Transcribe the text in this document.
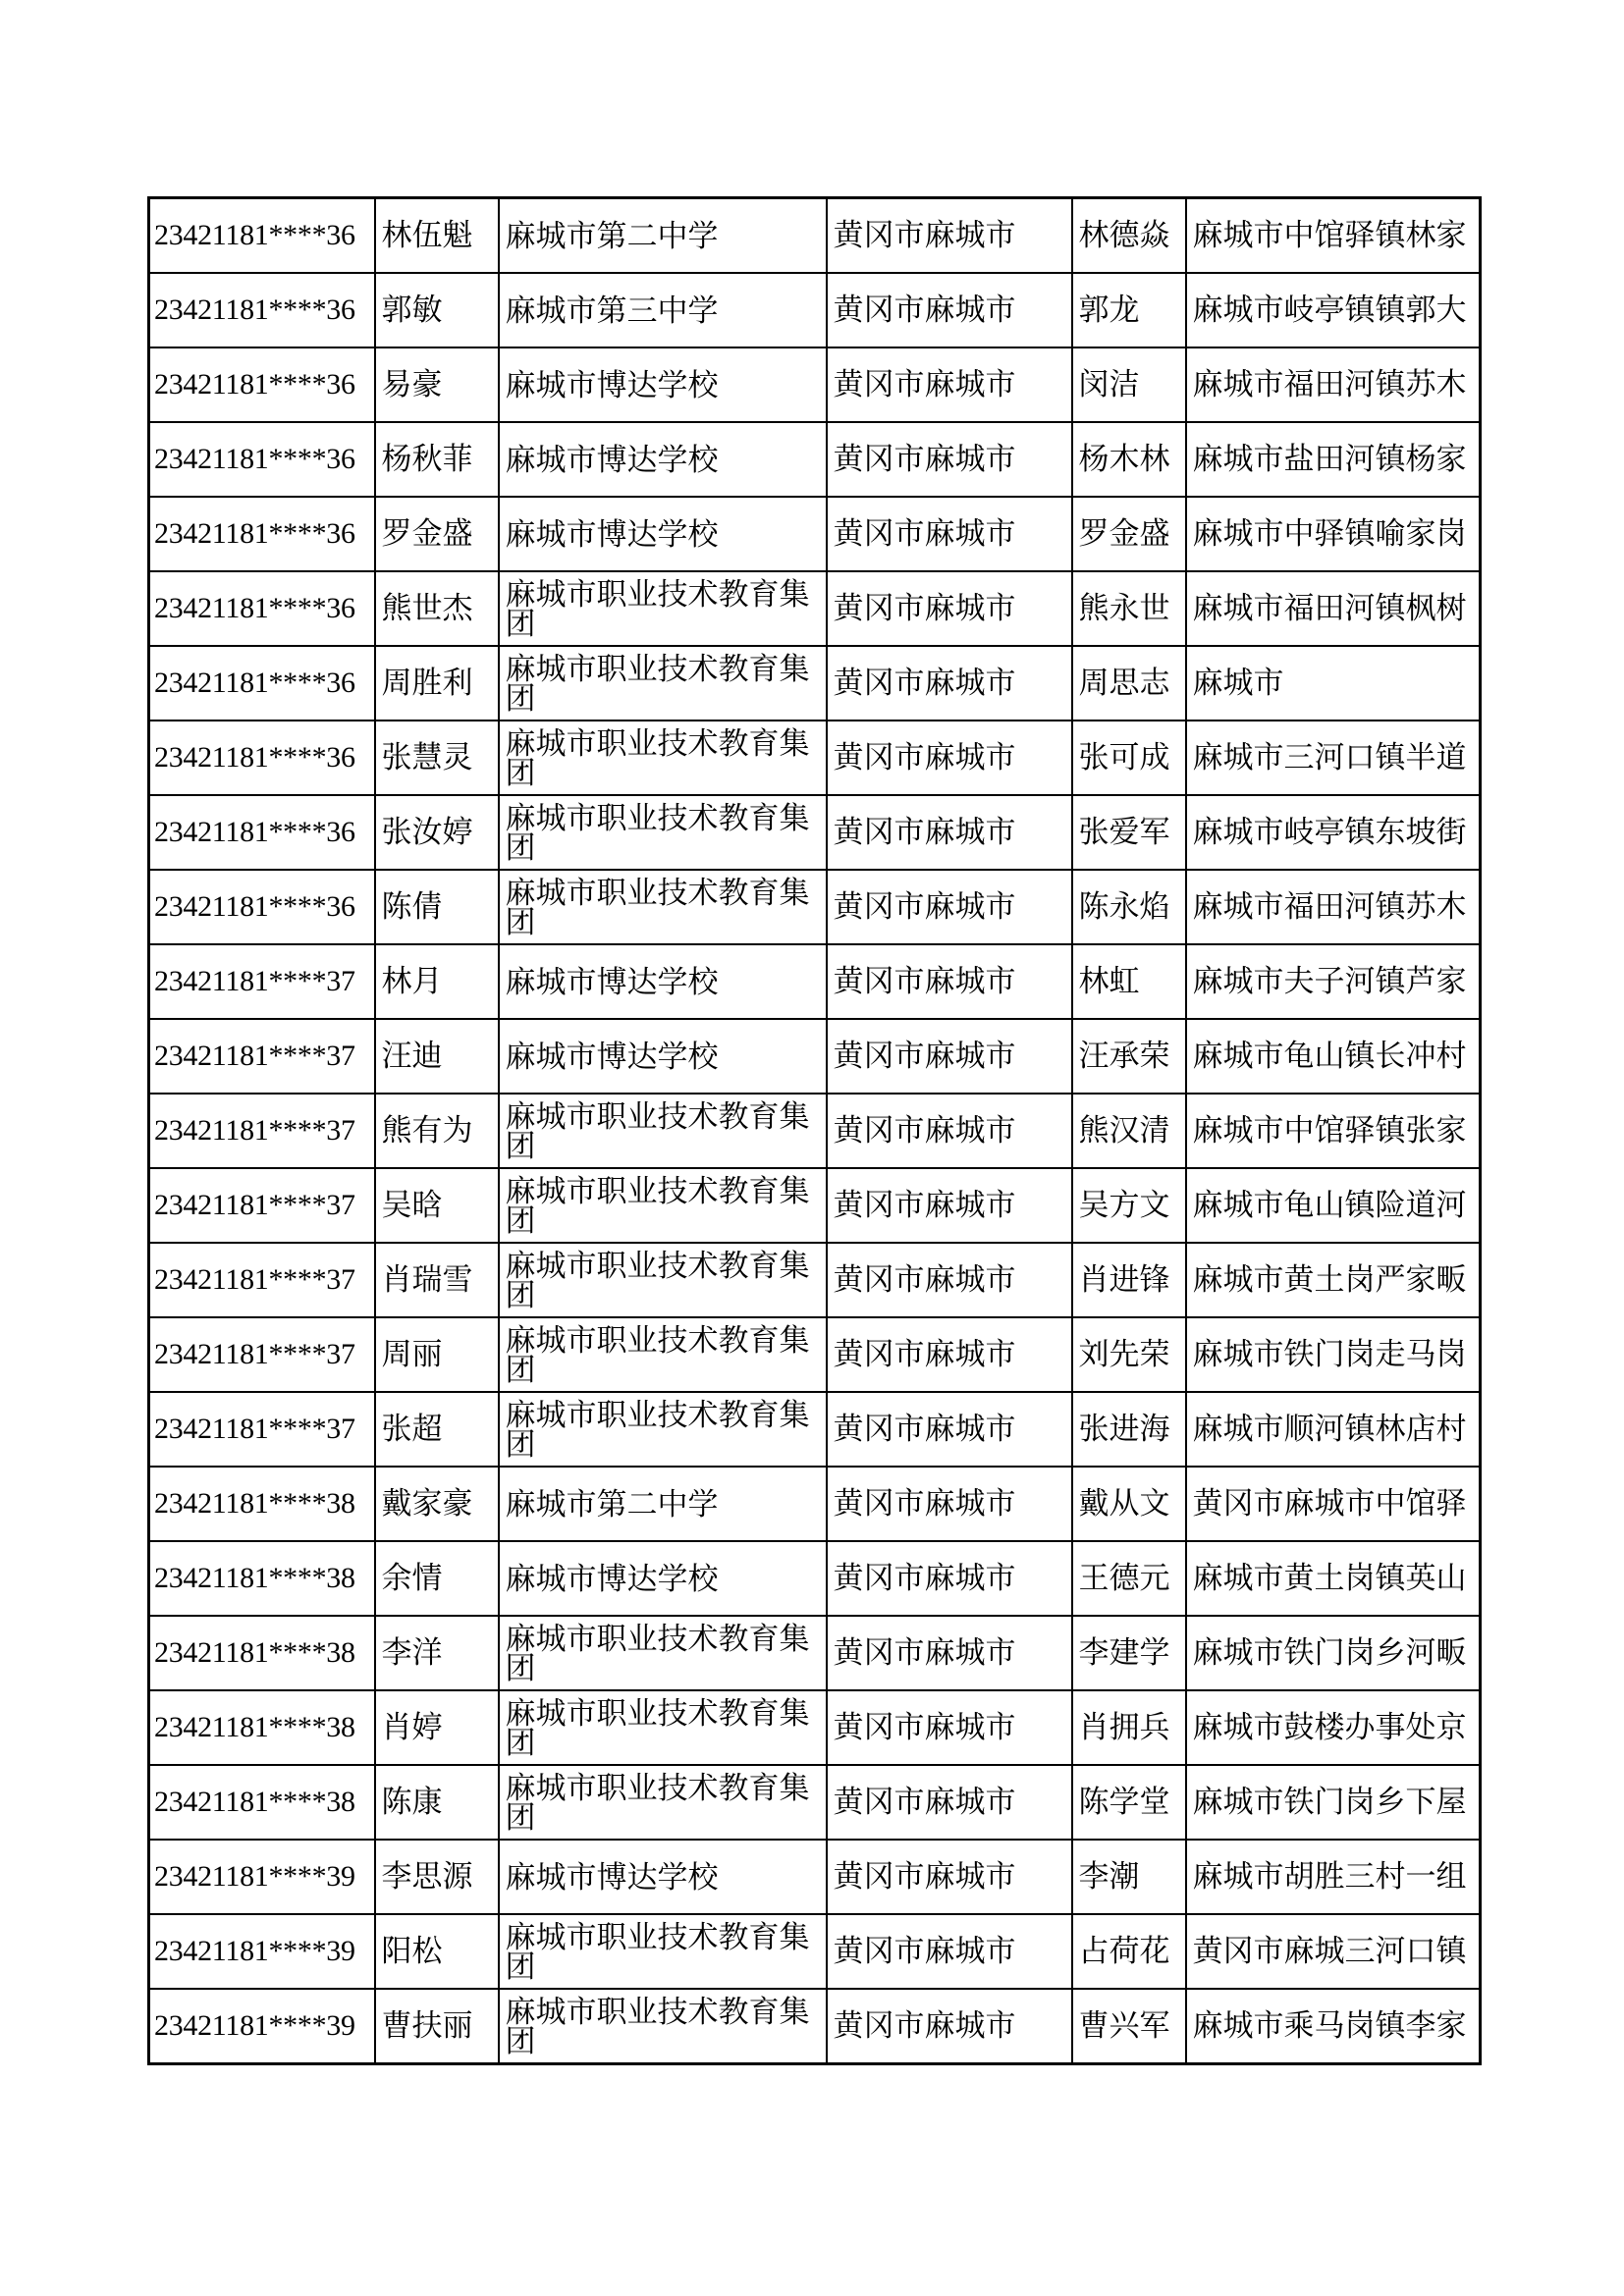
23421181****36	林伍魁	麻城市第二中学	黄冈市麻城市	林德焱	麻城市中馆驿镇林家
23421181****36	郭敏	麻城市第三中学	黄冈市麻城市	郭龙	麻城市岐亭镇镇郭大
23421181****36	易豪	麻城市博达学校	黄冈市麻城市	闵洁	麻城市福田河镇苏木
23421181****36	杨秋菲	麻城市博达学校	黄冈市麻城市	杨木林	麻城市盐田河镇杨家
23421181****36	罗金盛	麻城市博达学校	黄冈市麻城市	罗金盛	麻城市中驿镇喻家岗
23421181****36	熊世杰	麻城市职业技术教育集团	黄冈市麻城市	熊永世	麻城市福田河镇枫树
23421181****36	周胜利	麻城市职业技术教育集团	黄冈市麻城市	周思志	麻城市
23421181****36	张慧灵	麻城市职业技术教育集团	黄冈市麻城市	张可成	麻城市三河口镇半道
23421181****36	张汝婷	麻城市职业技术教育集团	黄冈市麻城市	张爱军	麻城市岐亭镇东坡街
23421181****36	陈倩	麻城市职业技术教育集团	黄冈市麻城市	陈永焰	麻城市福田河镇苏木
23421181****37	林月	麻城市博达学校	黄冈市麻城市	林虹	麻城市夫子河镇芦家
23421181****37	汪迪	麻城市博达学校	黄冈市麻城市	汪承荣	麻城市龟山镇长冲村
23421181****37	熊有为	麻城市职业技术教育集团	黄冈市麻城市	熊汉清	麻城市中馆驿镇张家
23421181****37	吴晗	麻城市职业技术教育集团	黄冈市麻城市	吴方文	麻城市龟山镇险道河
23421181****37	肖瑞雪	麻城市职业技术教育集团	黄冈市麻城市	肖进锋	麻城市黄土岗严家畈
23421181****37	周丽	麻城市职业技术教育集团	黄冈市麻城市	刘先荣	麻城市铁门岗走马岗
23421181****37	张超	麻城市职业技术教育集团	黄冈市麻城市	张进海	麻城市顺河镇林店村
23421181****38	戴家豪	麻城市第二中学	黄冈市麻城市	戴从文	黄冈市麻城市中馆驿
23421181****38	余情	麻城市博达学校	黄冈市麻城市	王德元	麻城市黄土岗镇英山
23421181****38	李洋	麻城市职业技术教育集团	黄冈市麻城市	李建学	麻城市铁门岗乡河畈
23421181****38	肖婷	麻城市职业技术教育集团	黄冈市麻城市	肖拥兵	麻城市鼓楼办事处京
23421181****38	陈康	麻城市职业技术教育集团	黄冈市麻城市	陈学堂	麻城市铁门岗乡下屋
23421181****39	李思源	麻城市博达学校	黄冈市麻城市	李潮	麻城市胡胜三村一组
23421181****39	阳松	麻城市职业技术教育集团	黄冈市麻城市	占荷花	黄冈市麻城三河口镇
23421181****39	曹扶丽	麻城市职业技术教育集团	黄冈市麻城市	曹兴军	麻城市乘马岗镇李家
